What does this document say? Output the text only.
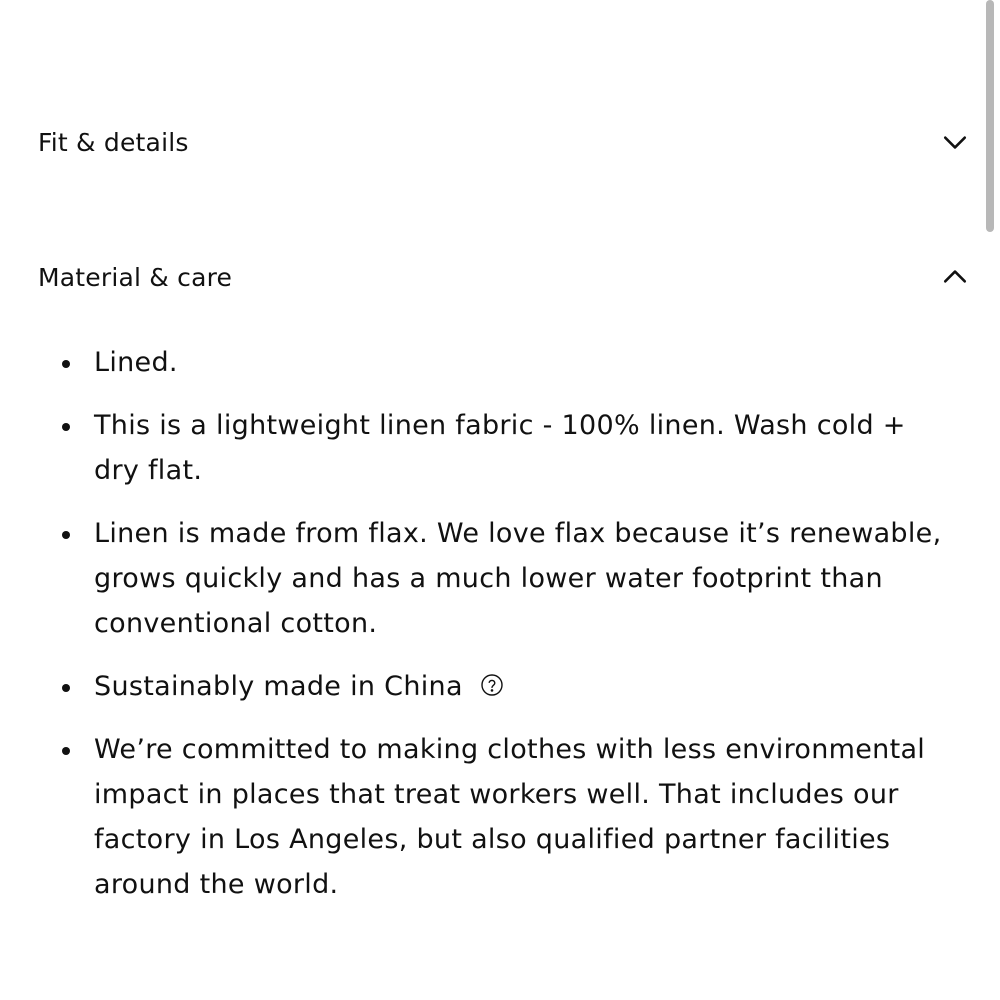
Fit & details
Material & care
Lined.
This is a lightweight linen fabric - 100% linen. Wash cold + dry flat.
Linen is made from flax. We love flax because it’s renewable, grows quickly and has a much lower water footprint than conventional cotton.
Sustainably made in China
We’re committed to making clothes with less environmental impact in places that treat workers well. That includes our factory in Los Angeles, but also qualified partner facilities around the world.
